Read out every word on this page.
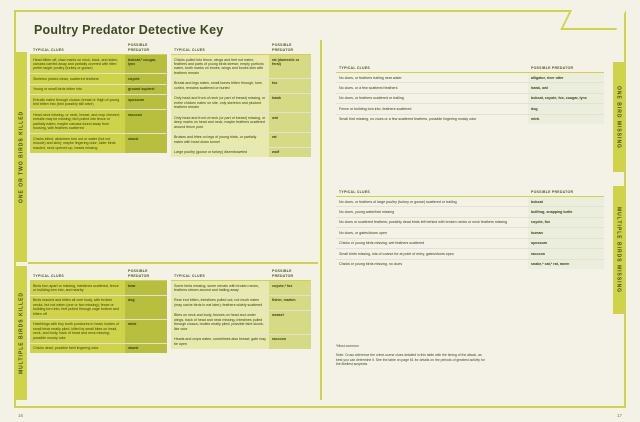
Poultry Predator Detective Key
ONE OR TWO BIRDS KILLED
MULTIPLE BIRDS KILLED
ONE BIRD MISSING
MULTIPLE BIRDS MISSING
TYPICAL CLUES	POSSIBLE PREDATOR
Head bitten off, claw marks on neck, back, and sides; carcass carried away and partially covered with litter; prefer larger poultry (turkey or goose)	bobcat,* cougar, lynx
Skeleton picked clean, scattered feathers	coyote
Young or small birds bitten into	ground squirrel
Entrails eaten through cloaca; breast or thigh of young bird bitten into (bird possibly still alive)	opossum
Head-neck missing, or neck, breast, and crop chewed; entrails may be missing; bird pulled into fence or partially eaten; maybe carcass found away from housing, with feathers scattered	raccoon
Chicks killed, abdomen torn out or water (but not muscle) and skin); maybe lingering odor; older birds mauled, neck opened up, heads missing	skunk
TYPICAL CLUES	POSSIBLE PREDATOR
Chicks pulled into fence, wings and feet not eaten; feathers and parts of young birds strewn; empty portions eaten, tooth marks on bones, wings and bones skin with feathers remain	rat (domestic or feral)
Breast and legs eaten, small bones bitten through, toes curled, remains scattered or buried	fox
Only head and front of neck (or part of breast) missing, or entire chicken eaten on site, only skeleton and plucked feathers remain	hawk
Only head and front of neck (or part of breast) missing, or deep marks on head and neck; maybe feathers scattered around fence post	owl
Bruises and bites on legs of young birds, or partially eaten with head down tunnel	rat
Large poultry (goose or turkey) disemboweled	wolf
TYPICAL CLUES	POSSIBLE PREDATOR
Birds torn apart or missing, intestines scattered, fence or building torn into, and nearby	bear
Birds mauled and bitten all over body, with broken necks, but not eaten (one or two missing); fence or building torn into; feet pulled through cage bottom and bitten off	dog
Hatchlings with tiny tooth punctures in head; bodies of small birds neatly piled, killed by small bites on head, neck, and body; back of head and neck missing; possible musky odor	mink
Chicks dead, possible faint lingering odor	skunk
TYPICAL CLUES	POSSIBLE PREDATOR
Some birds missing, some remain with broken necks, feathers strewn around and trailing away	coyote,* fox
Rear end bitten, intestines pulled out; not much eaten (may cache birds to eat later); feathers widely scattered	fisher, marten
Bites on neck and body, bruises on head and under wings, back of head and neck missing, intestines pulled through cloaca, bodies neatly piled; possible faint skunk-like odor	weasel
Heads and crops eaten, sometimes also breast; gate may be open	raccoon
TYPICAL CLUES	POSSIBLE PREDATOR
No clues, or feathers trailing near water	alligator, river otter
No clues, or a few scattered feathers	hawk, owl
No clues, or feathers scattered or trailing	bobcat, coyote, fox, cougar, lynx
Fence or building torn into, feathers scattered	dog
Small bird missing, no clues or a few scattered feathers, possible lingering musky odor	mink
TYPICAL CLUES	POSSIBLE PREDATOR
No clues, or feathers of large poultry (turkey or goose) scattered or trailing	bobcat
No clues, young waterfowl missing	bullfrog, snapping turtle
No clues or scattered feathers; possibly dead birds left behind with broken necks or neck feathers missing	coyote, fox
No clues, or gates/doors open	human
Chicks or young birds missing, wet feathers scattered	opossum
Small birds missing, lots of coarse fur at point of entry, gates/doors open	raccoon
Chicks or young birds missing, no clues	snake,* cat,* rat, raven
*Most common
Note: Cross-reference the crime-scene clues detailed in this table with the timing of the attack, as best you can determine it. See the table on page 61 for details on the periods of greatest activity for the likeliest suspects.
16	17
